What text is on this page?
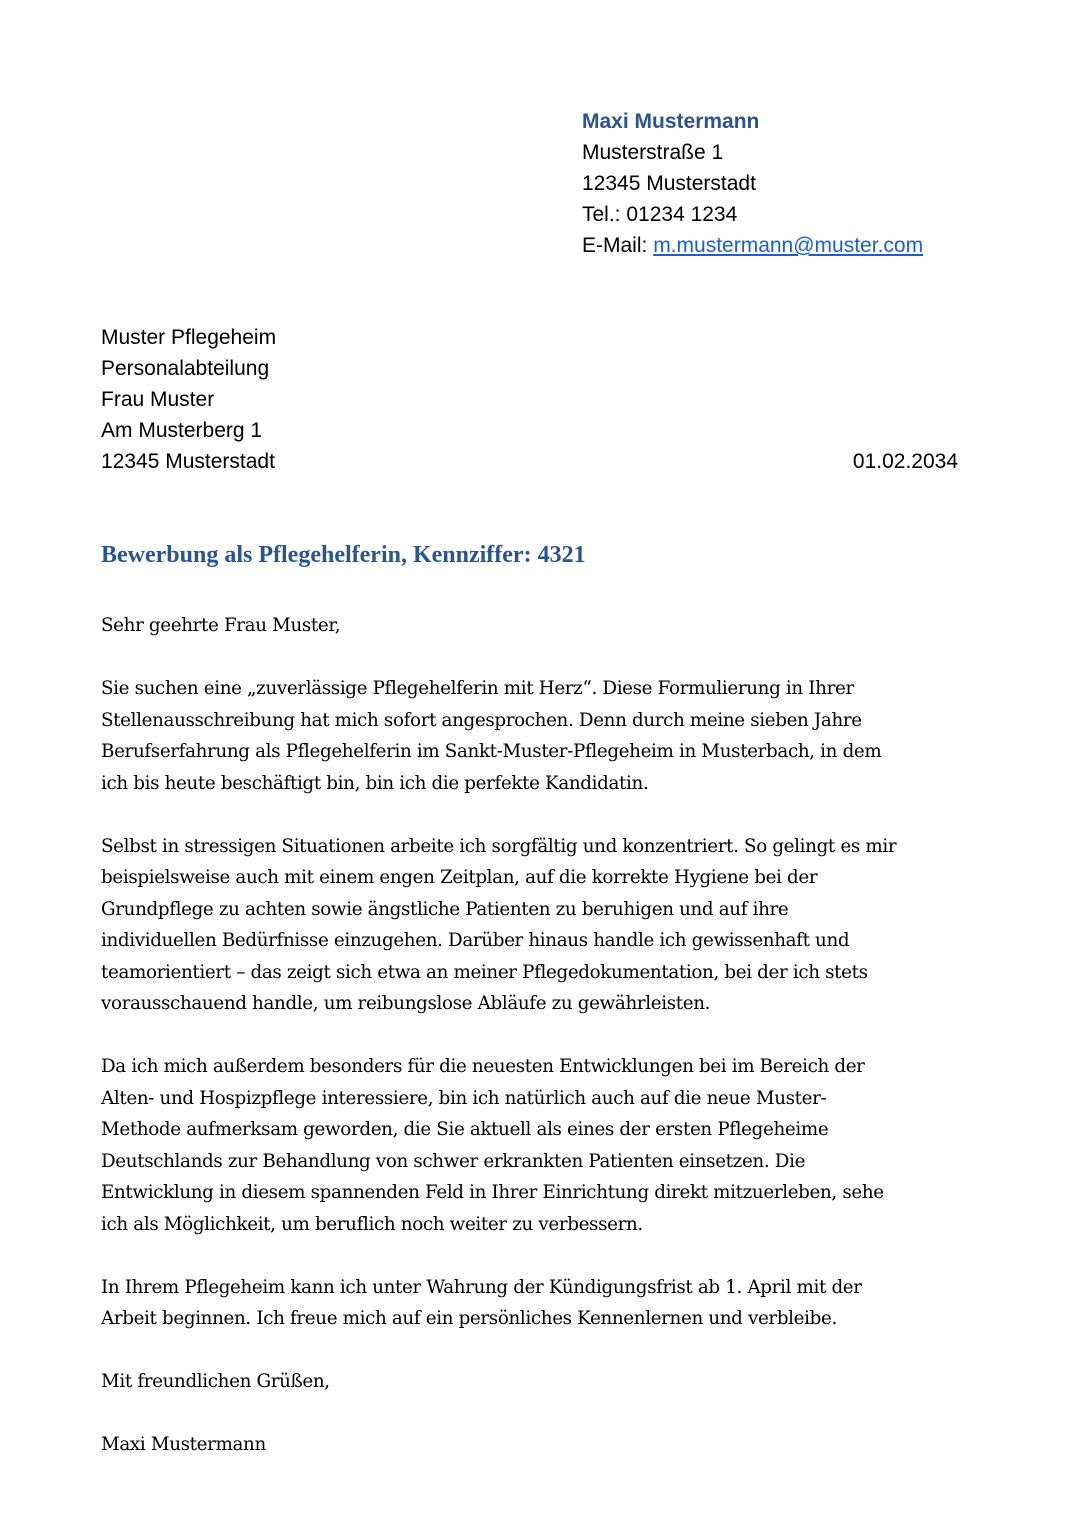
Maxi Mustermann
Musterstraße 1
12345 Musterstadt
Tel.: 01234 1234
E-Mail: m.mustermann@muster.com
Muster Pflegeheim
Personalabteilung
Frau Muster
Am Musterberg 1
12345 Musterstadt	01.02.2034
Bewerbung als Pflegehelferin, Kennziffer: 4321

Sehr geehrte Frau Muster,

Sie suchen eine „zuverlässige Pflegehelferin mit Herz“. Diese Formulierung in Ihrer
Stellenausschreibung hat mich sofort angesprochen. Denn durch meine sieben Jahre
Berufserfahrung als Pflegehelferin im Sankt-Muster-Pflegeheim in Musterbach, in dem
ich bis heute beschäftigt bin, bin ich die perfekte Kandidatin.

Selbst in stressigen Situationen arbeite ich sorgfältig und konzentriert. So gelingt es mir
beispielsweise auch mit einem engen Zeitplan, auf die korrekte Hygiene bei der
Grundpflege zu achten sowie ängstliche Patienten zu beruhigen und auf ihre
individuellen Bedürfnisse einzugehen. Darüber hinaus handle ich gewissenhaft und
teamorientiert – das zeigt sich etwa an meiner Pflegedokumentation, bei der ich stets
vorausschauend handle, um reibungslose Abläufe zu gewährleisten.

Da ich mich außerdem besonders für die neuesten Entwicklungen bei im Bereich der
Alten- und Hospizpflege interessiere, bin ich natürlich auch auf die neue Muster-
Methode aufmerksam geworden, die Sie aktuell als eines der ersten Pflegeheime
Deutschlands zur Behandlung von schwer erkrankten Patienten einsetzen. Die
Entwicklung in diesem spannenden Feld in Ihrer Einrichtung direkt mitzuerleben, sehe
ich als Möglichkeit, um beruflich noch weiter zu verbessern.

In Ihrem Pflegeheim kann ich unter Wahrung der Kündigungsfrist ab 1. April mit der
Arbeit beginnen. Ich freue mich auf ein persönliches Kennenlernen und verbleibe.

Mit freundlichen Grüßen,

Maxi Mustermann
